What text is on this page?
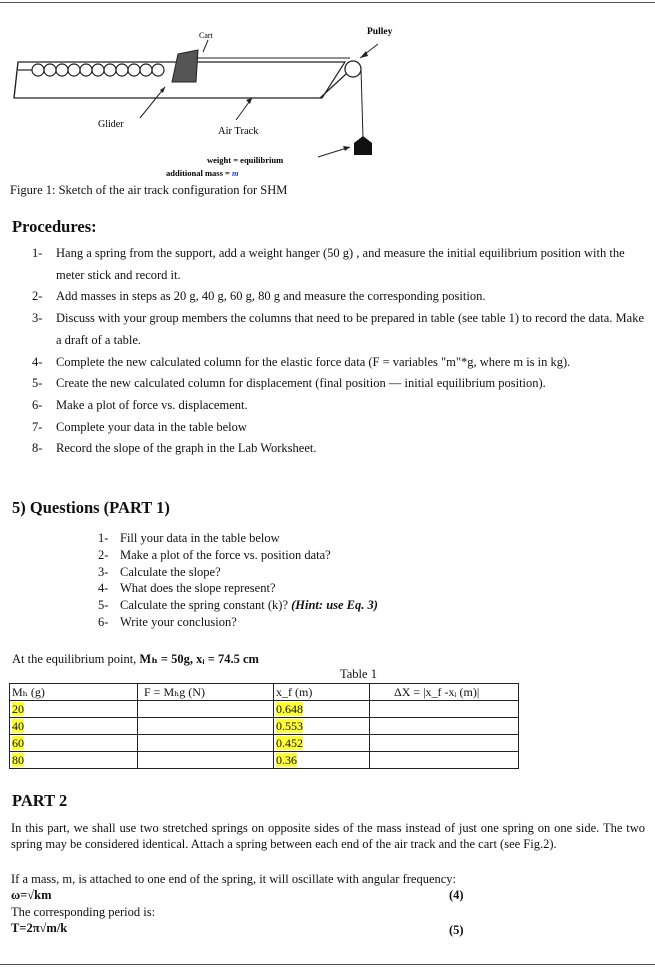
Cart	Pulley
Glider
Air Track
weight = equilibrium
additional mass = m
Figure 1: Sketch of the air track configuration for SHM
Procedures:
1- Hang a spring from the support, add a weight hanger (50 g) , and measure the initial equilibrium position with the meter stick and record it.
2- Add masses in steps as 20 g, 40 g, 60 g, 80 g and measure the corresponding position.
3- Discuss with your group members the columns that need to be prepared in table (see table 1) to record the data. Make a draft of a table.
4- Complete the new calculated column for the elastic force data (F = variables "m"*g, where m is in kg).
5- Create the new calculated column for displacement (final position — initial equilibrium position).
6- Make a plot of force vs. displacement.
7- Complete your data in the table below
8- Record the slope of the graph in the Lab Worksheet.
5) Questions (PART 1)
1- Fill your data in the table below
2- Make a plot of the force vs. position data?
3- Calculate the slope?
4- What does the slope represent?
5- Calculate the spring constant (k)? (Hint: use Eq. 3)
6- Write your conclusion?
At the equilibrium point, Mₕ = 50g, xᵢ = 74.5 cm
Table 1
Mₕ (g)	F = Mₕg (N)	x_f (m)	ΔX = |x_f -xᵢ (m)|
20		0.648	
40		0.553	
60		0.452	
80		0.36	
PART 2

In this part, we shall use two stretched springs on opposite sides of the mass instead of just one spring on one side. The two spring may be considered identical. Attach a spring between each end of the air track and the cart (see Fig.2).

If a mass, m, is attached to one end of the spring, it will oscillate with angular frequency:
ω=√km	(4)
The corresponding period is:
T=2π√m/k	(5)
